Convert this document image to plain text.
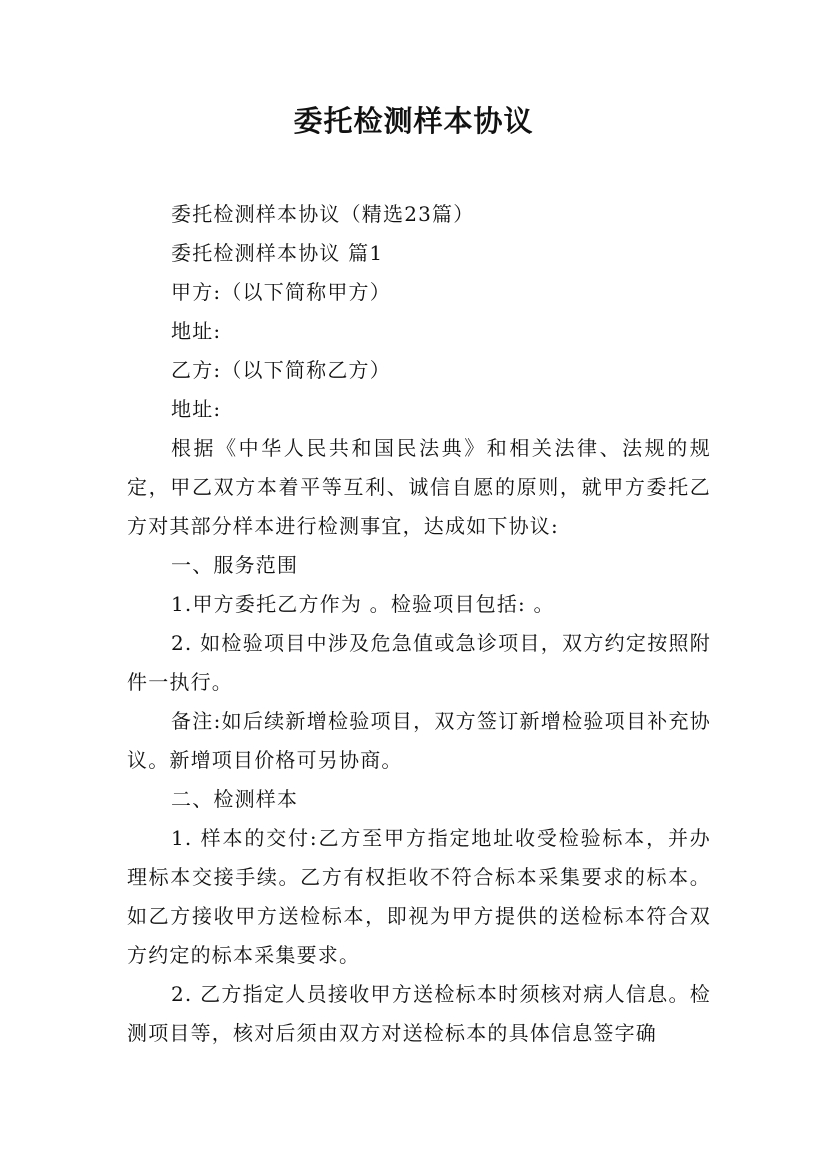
委托检测样本协议

委托检测样本协议（精选23篇）

委托检测样本协议 篇1

甲方:（以下简称甲方）

地址:

乙方:（以下简称乙方）

地址:

根据《中华人民共和国民法典》和相关法律、法规的规定，甲乙双方本着平等互利、诚信自愿的原则，就甲方委托乙方对其部分样本进行检测事宜，达成如下协议:

一、服务范围

1.甲方委托乙方作为 。检验项目包括: 。

2. 如检验项目中涉及危急值或急诊项目，双方约定按照附件一执行。

备注:如后续新增检验项目，双方签订新增检验项目补充协议。新增项目价格可另协商。

二、检测样本

1. 样本的交付:乙方至甲方指定地址收受检验标本，并办理标本交接手续。乙方有权拒收不符合标本采集要求的标本。如乙方接收甲方送检标本，即视为甲方提供的送检标本符合双方约定的标本采集要求。

2. 乙方指定人员接收甲方送检标本时须核对病人信息。检测项目等，核对后须由双方对送检标本的具体信息签字确
